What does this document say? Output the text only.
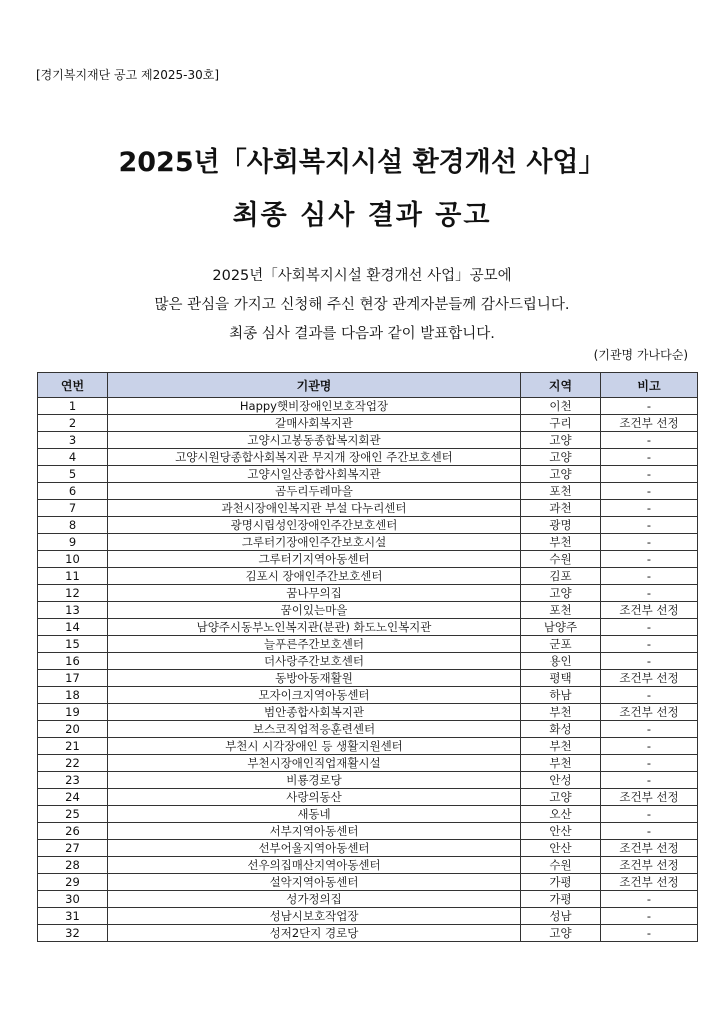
[경기복지재단 공고 제2025-30호]
2025년「사회복지시설 환경개선 사업」
최종 심사 결과 공고
2025년「사회복지시설 환경개선 사업」공모에
많은 관심을 가지고 신청해 주신 현장 관계자분들께 감사드립니다.
최종 심사 결과를 다음과 같이 발표합니다.
(기관명 가나다순)
연번	기관명	지역	비고
1	Happy햇비장애인보호작업장	이천	-
2	갈매사회복지관	구리	조건부 선정
3	고양시고봉동종합복지회관	고양	-
4	고양시원당종합사회복지관 무지개 장애인 주간보호센터	고양	-
5	고양시일산종합사회복지관	고양	-
6	곰두리두레마을	포천	-
7	과천시장애인복지관 부설 다누리센터	과천	-
8	광명시립성인장애인주간보호센터	광명	-
9	그루터기장애인주간보호시설	부천	-
10	그루터기지역아동센터	수원	-
11	김포시 장애인주간보호센터	김포	-
12	꿈나무의집	고양	-
13	꿈이있는마을	포천	조건부 선정
14	남양주시동부노인복지관(분관) 화도노인복지관	남양주	-
15	늘푸른주간보호센터	군포	-
16	더사랑주간보호센터	용인	-
17	동방아동재활원	평택	조건부 선정
18	모자이크지역아동센터	하남	-
19	범안종합사회복지관	부천	조건부 선정
20	보스코직업적응훈련센터	화성	-
21	부천시 시각장애인 등 생활지원센터	부천	-
22	부천시장애인직업재활시설	부천	-
23	비룡경로당	안성	-
24	사랑의동산	고양	조건부 선정
25	새동네	오산	-
26	서부지역아동센터	안산	-
27	선부어울지역아동센터	안산	조건부 선정
28	선우의집매산지역아동센터	수원	조건부 선정
29	설악지역아동센터	가평	조건부 선정
30	성가정의집	가평	-
31	성남시보호작업장	성남	-
32	성저2단지 경로당	고양	-
